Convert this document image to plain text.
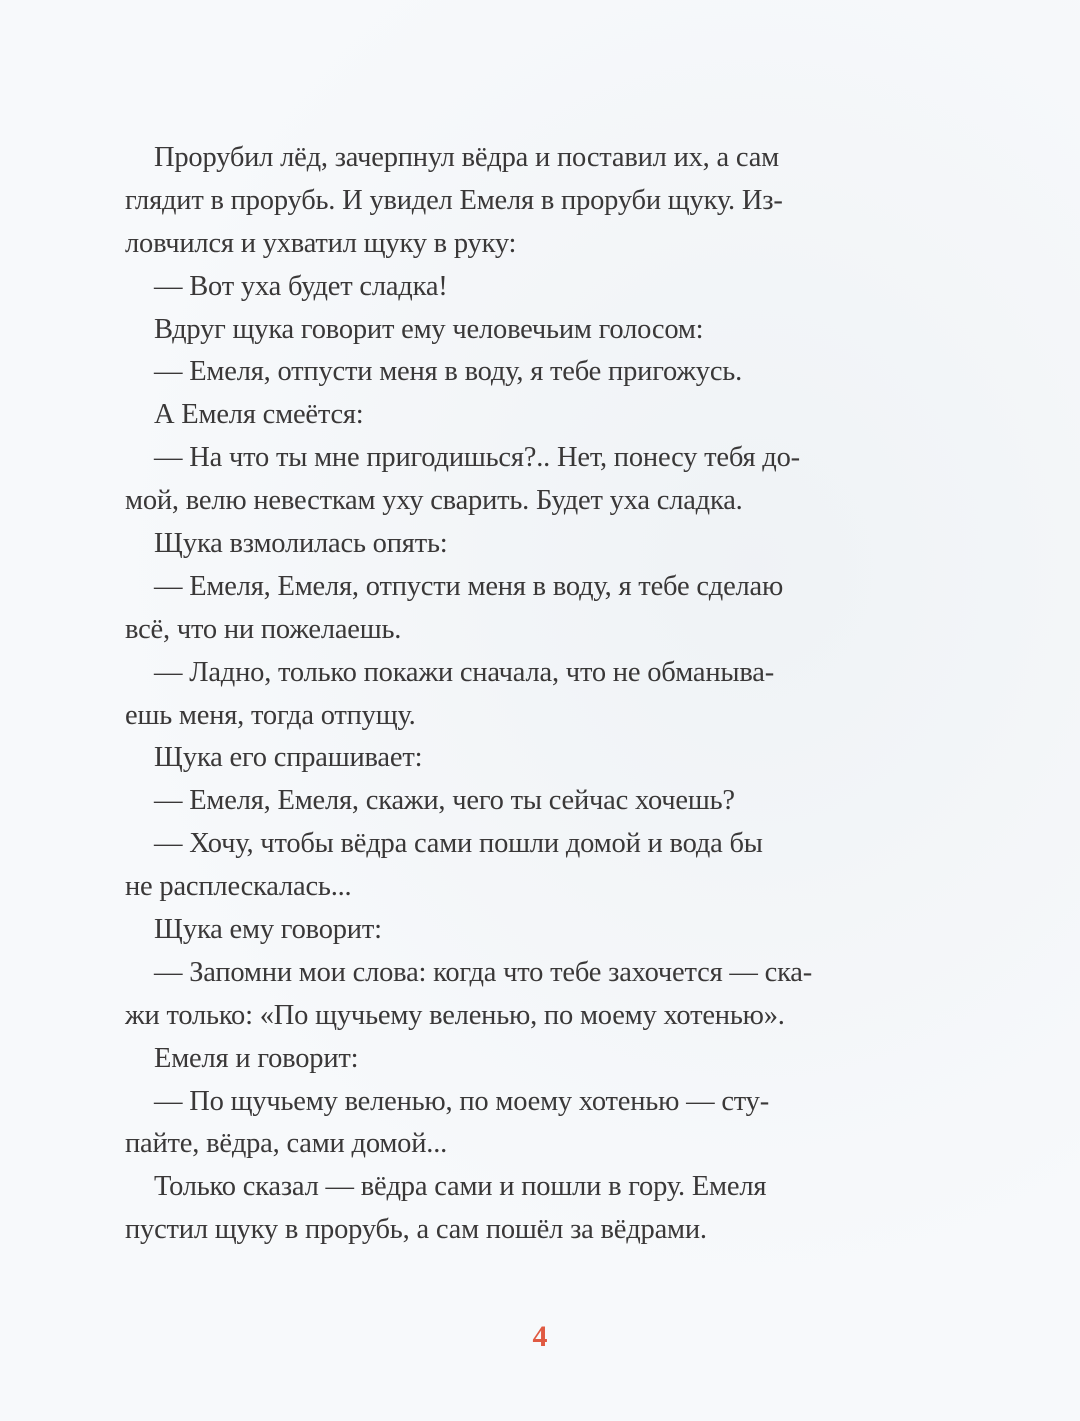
Прорубил лёд, зачерпнул вёдра и поставил их, а сам
глядит в прорубь. И увидел Емеля в проруби щуку. Из-
ловчился и ухватил щуку в руку:
— Вот уха будет сладка!
Вдруг щука говорит ему человечьим голосом:
— Емеля, отпусти меня в воду, я тебе пригожусь.
А Емеля смеётся:
— На что ты мне пригодишься?.. Нет, понесу тебя до-
мой, велю невесткам уху сварить. Будет уха сладка.
Щука взмолилась опять:
— Емеля, Емеля, отпусти меня в воду, я тебе сделаю
всё, что ни пожелаешь.
— Ладно, только покажи сначала, что не обманыва-
ешь меня, тогда отпущу.
Щука его спрашивает:
— Емеля, Емеля, скажи, чего ты сейчас хочешь?
— Хочу, чтобы вёдра сами пошли домой и вода бы
не расплескалась...
Щука ему говорит:
— Запомни мои слова: когда что тебе захочется — ска-
жи только: «По щучьему веленью, по моему хотенью».
Емеля и говорит:
— По щучьему веленью, по моему хотенью — сту-
пайте, вёдра, сами домой...
Только сказал — вёдра сами и пошли в гору. Емеля
пустил щуку в прорубь, а сам пошёл за вёдрами.
4
